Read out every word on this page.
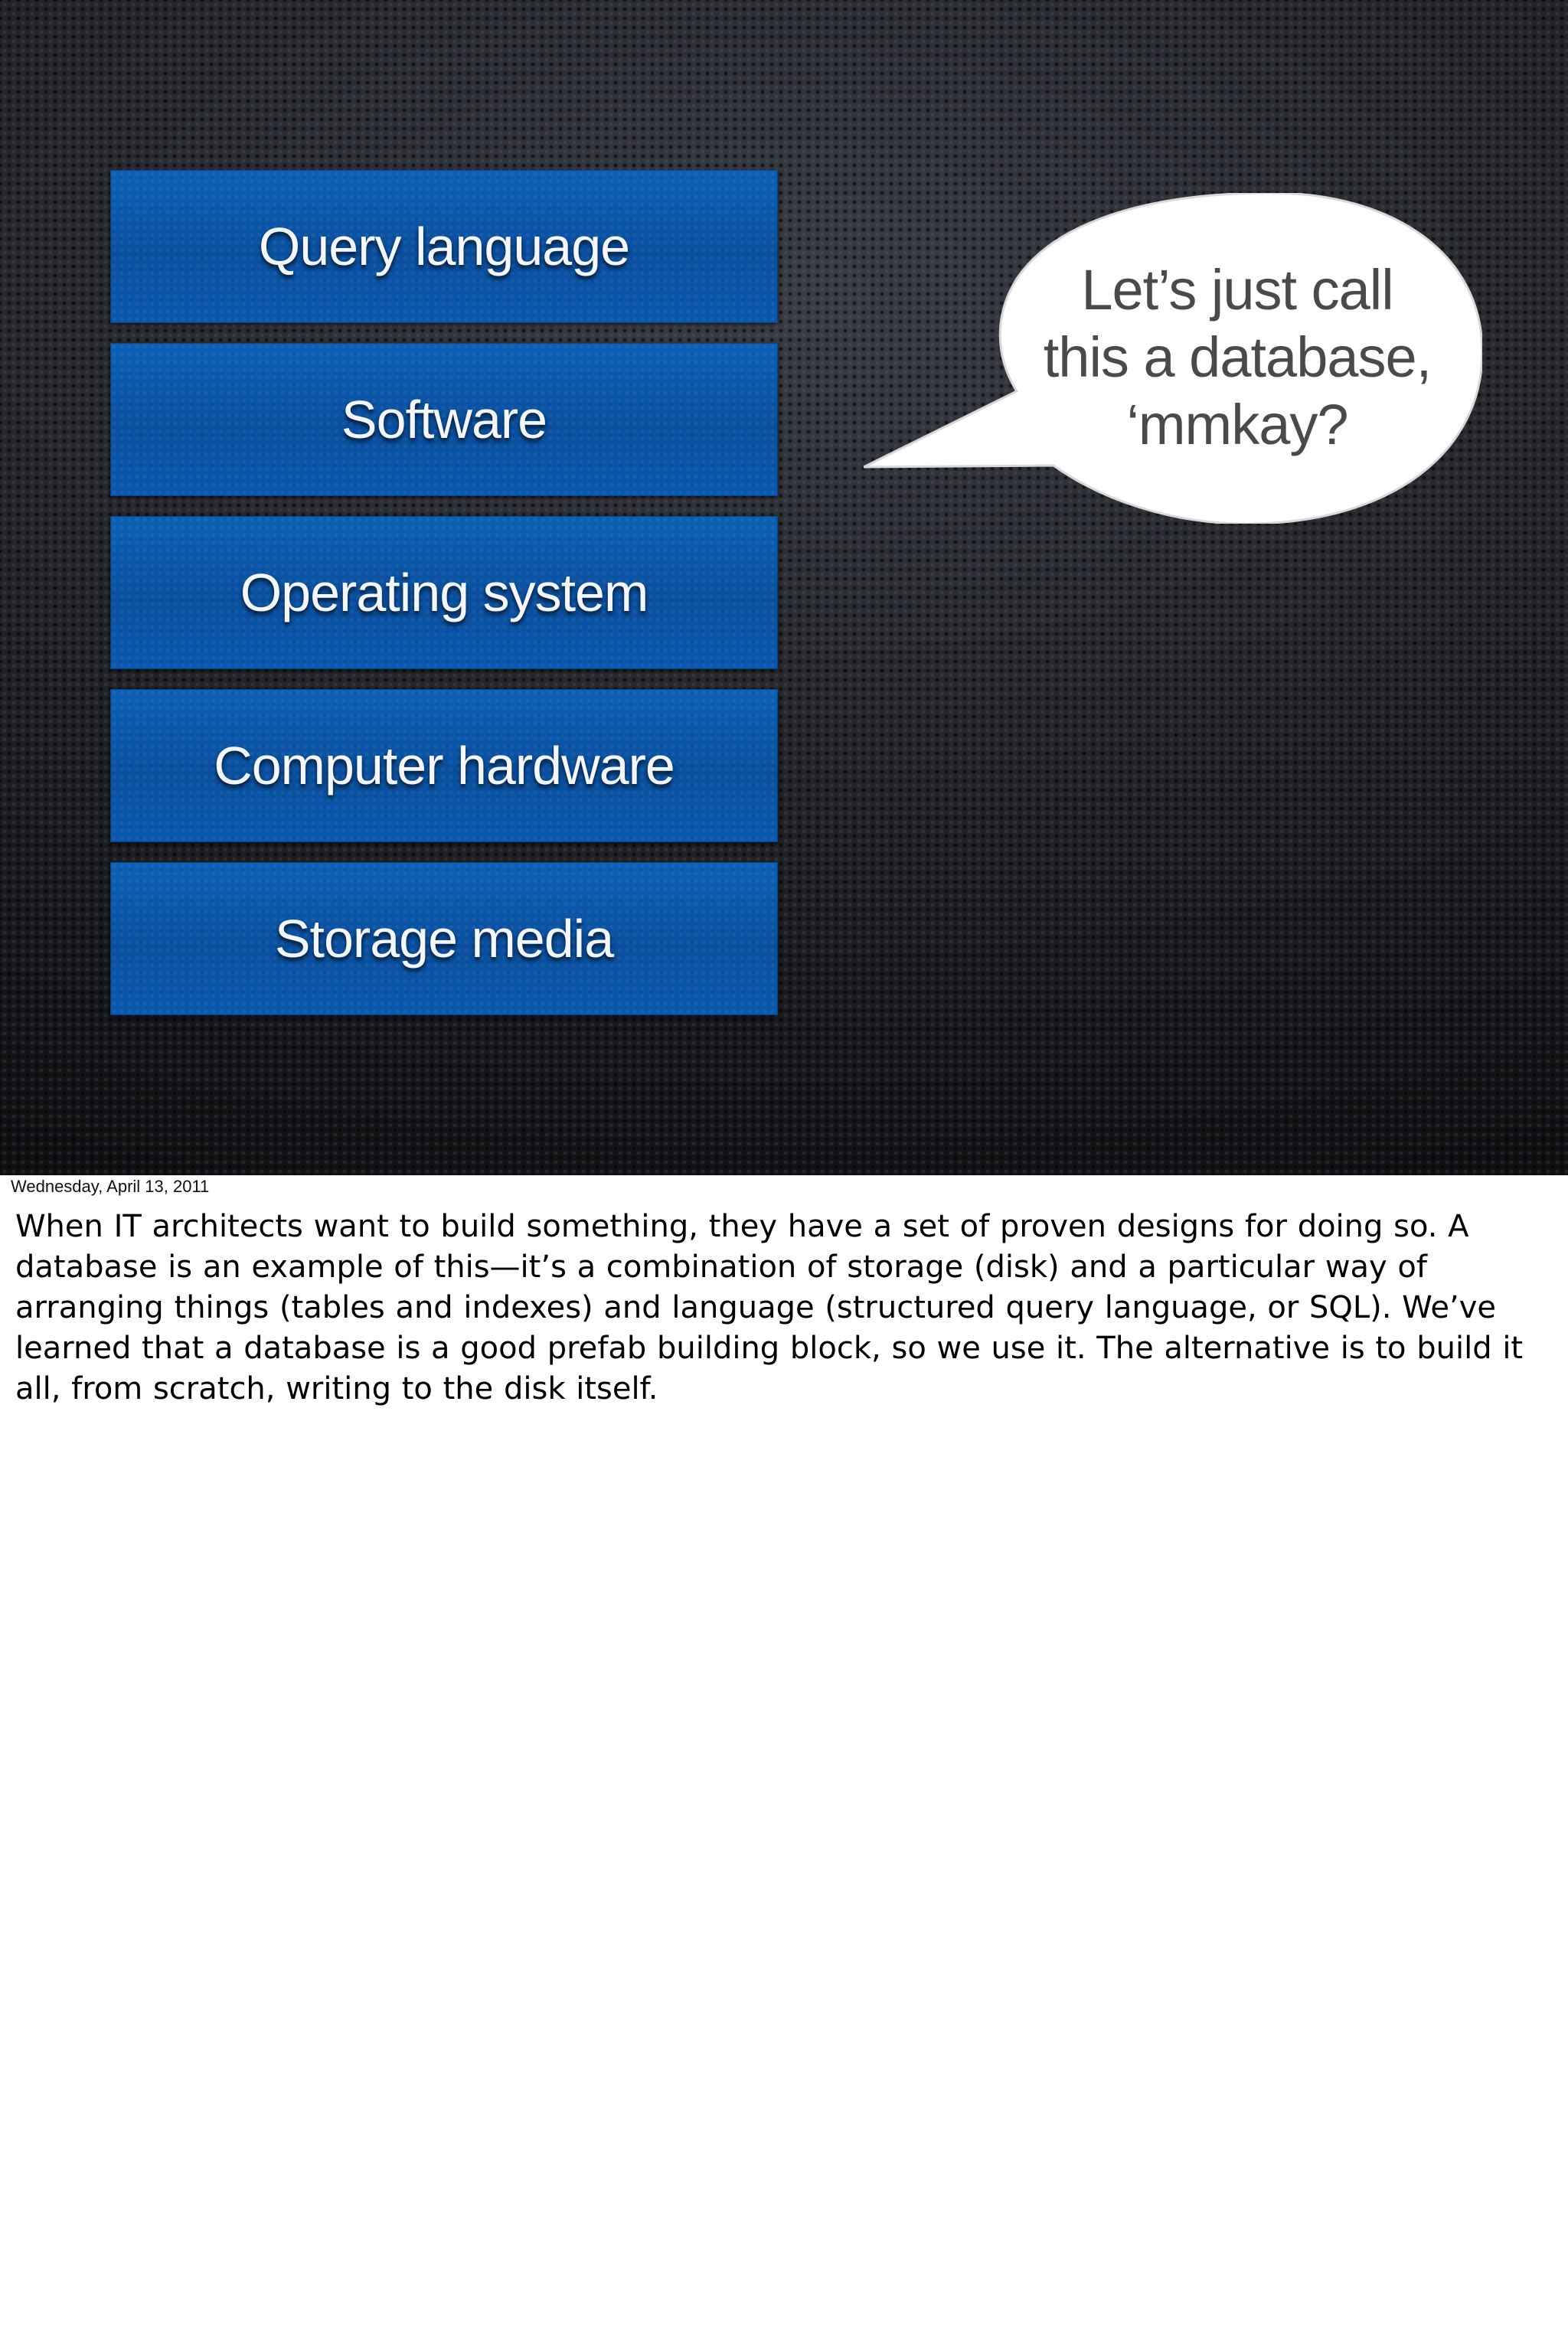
Query language
Software
Operating system
Computer hardware
Storage media
Let’s just call
this a database,
‘mmkay?
Wednesday, April 13, 2011
When IT architects want to build something, they have a set of proven designs for doing so. A database is an example of this—it’s a combination of storage (disk) and a particular way of arranging things (tables and indexes) and language (structured query language, or SQL). We’ve learned that a database is a good prefab building block, so we use it. The alternative is to build it all, from scratch, writing to the disk itself.
